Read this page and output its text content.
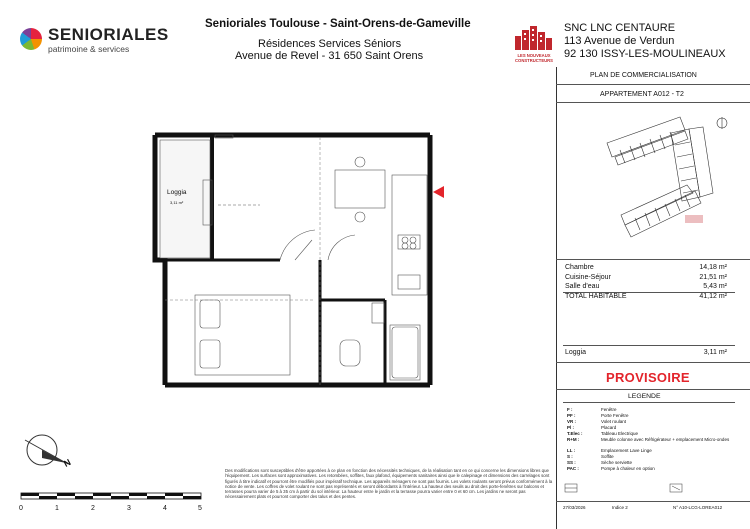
SENIORIALES
patrimoine & services
Senioriales Toulouse - Saint-Orens-de-Gameville
Résidences Services Séniors
Avenue de Revel - 31 650 Saint Orens	LES NOUVEAUX CONSTRUCTEURS
SNC LNC CENTAURE
113 Avenue de Verdun
92 130 ISSY-LES-MOULINEAUX
PLAN DE COMMERCIALISATION
APPARTEMENT A012 - T2
Chambre	14,18 m²
Cuisine-Séjour	21,51 m²
Salle d'eau	5,43 m²
TOTAL HABITABLE	41,12 m²
Loggia	3,11 m²
PROVISOIRE
LEGENDE
F :	Fenêtre
PF :	Porte Fenêtre
VR :	Volet roulant
Pl :	Placard
T.Elec :	Tableau Electrique
R+M :	Meuble colonne avec Réfrigérateur + emplacement Micro-ondes
LL :	Emplacement Lave Linge
S :	Soffite
SS :	Sèche serviette
PAC :	Pompe à chaleur en option
27/03/2026	Indice 2	N° A10-LCG-LOREA012
Loggia
3,11 m²
N
Des modifications sont susceptibles d'être apportées à ce plan en fonction des nécessités techniques, de la réalisation tant en ce qui concerne les dimensions libres que l'équipement. Les surfaces sont approximatives. Les retombées, soffites, faux plafond, équipements sanitaires ainsi que le calepinage et dimensions des carrelages sont figurés à titre indicatif et pourront être modifiés pour impératif technique. Les appareils ménagers ne sont pas fournis. Les volets roulants seront prévus conformément à la notice de vente. Les coffres de volet roulant ne sont pas représentés et seront débordants à l'intérieur. La hauteur des seuils au droit des porte-fenêtres sur balcons et terrasses pourra varier de 5 à 35 cm à partir du sol intérieur. La hauteur entre le jardin et la terrasse pourra varier entre 0 et 60 cm. Les jardins ne seront pas nécessairement plats et pourront comporter des talus et des pentes.
0	1	2	3	4	5
